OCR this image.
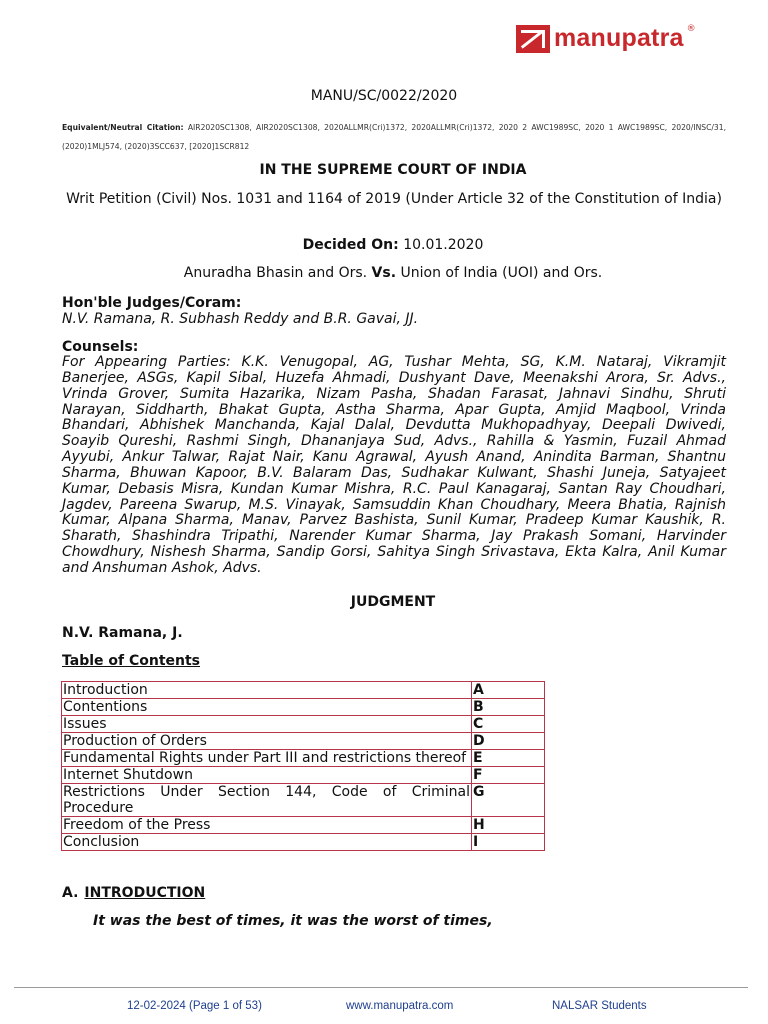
manupatra ®
MANU/SC/0022/2020
Equivalent/Neutral Citation: AIR2020SC1308, AIR2020SC1308, 2020ALLMR(Cri)1372, 2020ALLMR(Cri)1372, 2020 2 AWC1989SC, 2020 1 AWC1989SC, 2020/INSC/31, (2020)1MLJ574, (2020)3SCC637, [2020]1SCR812
IN THE SUPREME COURT OF INDIA
Writ Petition (Civil) Nos. 1031 and 1164 of 2019 (Under Article 32 of the Constitution of India)
Decided On: 10.01.2020
Anuradha Bhasin and Ors. Vs. Union of India (UOI) and Ors.
Hon'ble Judges/Coram:
N.V. Ramana, R. Subhash Reddy and B.R. Gavai, JJ.
Counsels:
For Appearing Parties: K.K. Venugopal, AG, Tushar Mehta, SG, K.M. Nataraj, Vikramjit Banerjee, ASGs, Kapil Sibal, Huzefa Ahmadi, Dushyant Dave, Meenakshi Arora, Sr. Advs., Vrinda Grover, Sumita Hazarika, Nizam Pasha, Shadan Farasat, Jahnavi Sindhu, Shruti Narayan, Siddharth, Bhakat Gupta, Astha Sharma, Apar Gupta, Amjid Maqbool, Vrinda Bhandari, Abhishek Manchanda, Kajal Dalal, Devdutta Mukhopadhyay, Deepali Dwivedi, Soayib Qureshi, Rashmi Singh, Dhananjaya Sud, Advs., Rahilla & Yasmin, Fuzail Ahmad Ayyubi, Ankur Talwar, Rajat Nair, Kanu Agrawal, Ayush Anand, Anindita Barman, Shantnu Sharma, Bhuwan Kapoor, B.V. Balaram Das, Sudhakar Kulwant, Shashi Juneja, Satyajeet Kumar, Debasis Misra, Kundan Kumar Mishra, R.C. Paul Kanagaraj, Santan Ray Choudhari, Jagdev, Pareena Swarup, M.S. Vinayak, Samsuddin Khan Choudhary, Meera Bhatia, Rajnish Kumar, Alpana Sharma, Manav, Parvez Bashista, Sunil Kumar, Pradeep Kumar Kaushik, R. Sharath, Shashindra Tripathi, Narender Kumar Sharma, Jay Prakash Somani, Harvinder Chowdhury, Nishesh Sharma, Sandip Gorsi, Sahitya Singh Srivastava, Ekta Kalra, Anil Kumar and Anshuman Ashok, Advs.
JUDGMENT
N.V. Ramana, J.
Table of Contents
Introduction	A
Contentions	B
Issues	C
Production of Orders	D
Fundamental Rights under Part III and restrictions thereof	E
Internet Shutdown	F
Restrictions Under Section 144, Code of Criminal Procedure	G
Freedom of the Press	H
Conclusion	I
A. INTRODUCTION
It was the best of times, it was the worst of times,
12-02-2024 (Page 1 of 53)	www.manupatra.com	NALSAR Students
